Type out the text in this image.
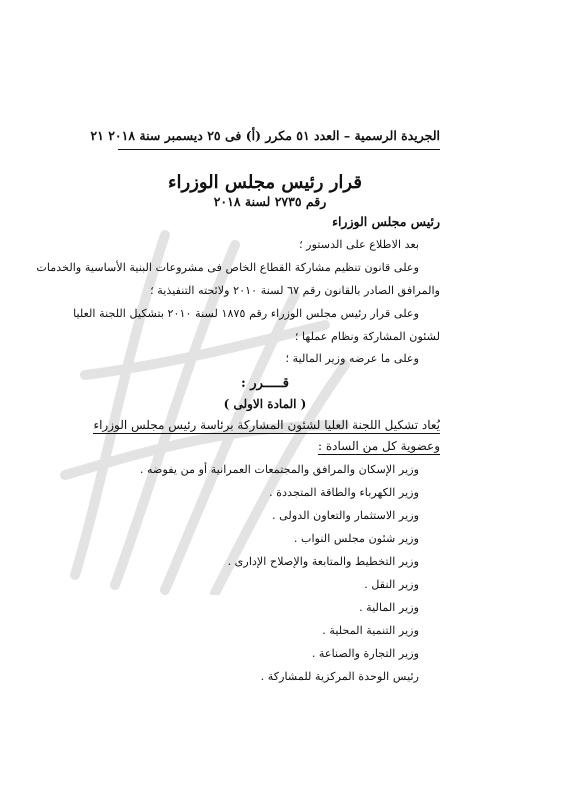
الجريدة الرسمية – العدد ٥١ مكرر (أ) فى ٢٥ ديسمبر سنة ٢٠١٨ ٢١
قرار رئيس مجلس الوزراء
رقم ٢٧٣٥ لسنة ٢٠١٨
رئيس مجلس الوزراء
بعد الاطلاع على الدستور ؛
وعلى قانون تنظيم مشاركة القطاع الخاص فى مشروعات البنية الأساسية والخدمات
والمرافق الصادر بالقانون رقم ٦٧ لسنة ٢٠١٠ ولائحته التنفيذية ؛
وعلى قرار رئيس مجلس الوزراء رقم ١٨٧٥ لسنة ٢٠١٠ بتشكيل اللجنة العليا
لشئون المشاركة ونظام عملها ؛
وعلى ما عرضه وزير المالية ؛
قـــــرر :
( المادة الاولى )
يُعاد تشكيل اللجنة العليا لشئون المشاركة برئاسة رئيس مجلس الوزراء
وعضوية كل من السادة :
وزير الإسكان والمرافق والمجتمعات العمرانية أو من يفوضه .
وزير الكهرباء والطاقة المتجددة .
وزير الاستثمار والتعاون الدولى .
وزير شئون مجلس النواب .
وزير التخطيط والمتابعة والإصلاح الإدارى .
وزير النقل .
وزير المالية .
وزير التنمية المحلية .
وزير التجارة والصناعة .
رئيس الوحدة المركزية للمشاركة .
